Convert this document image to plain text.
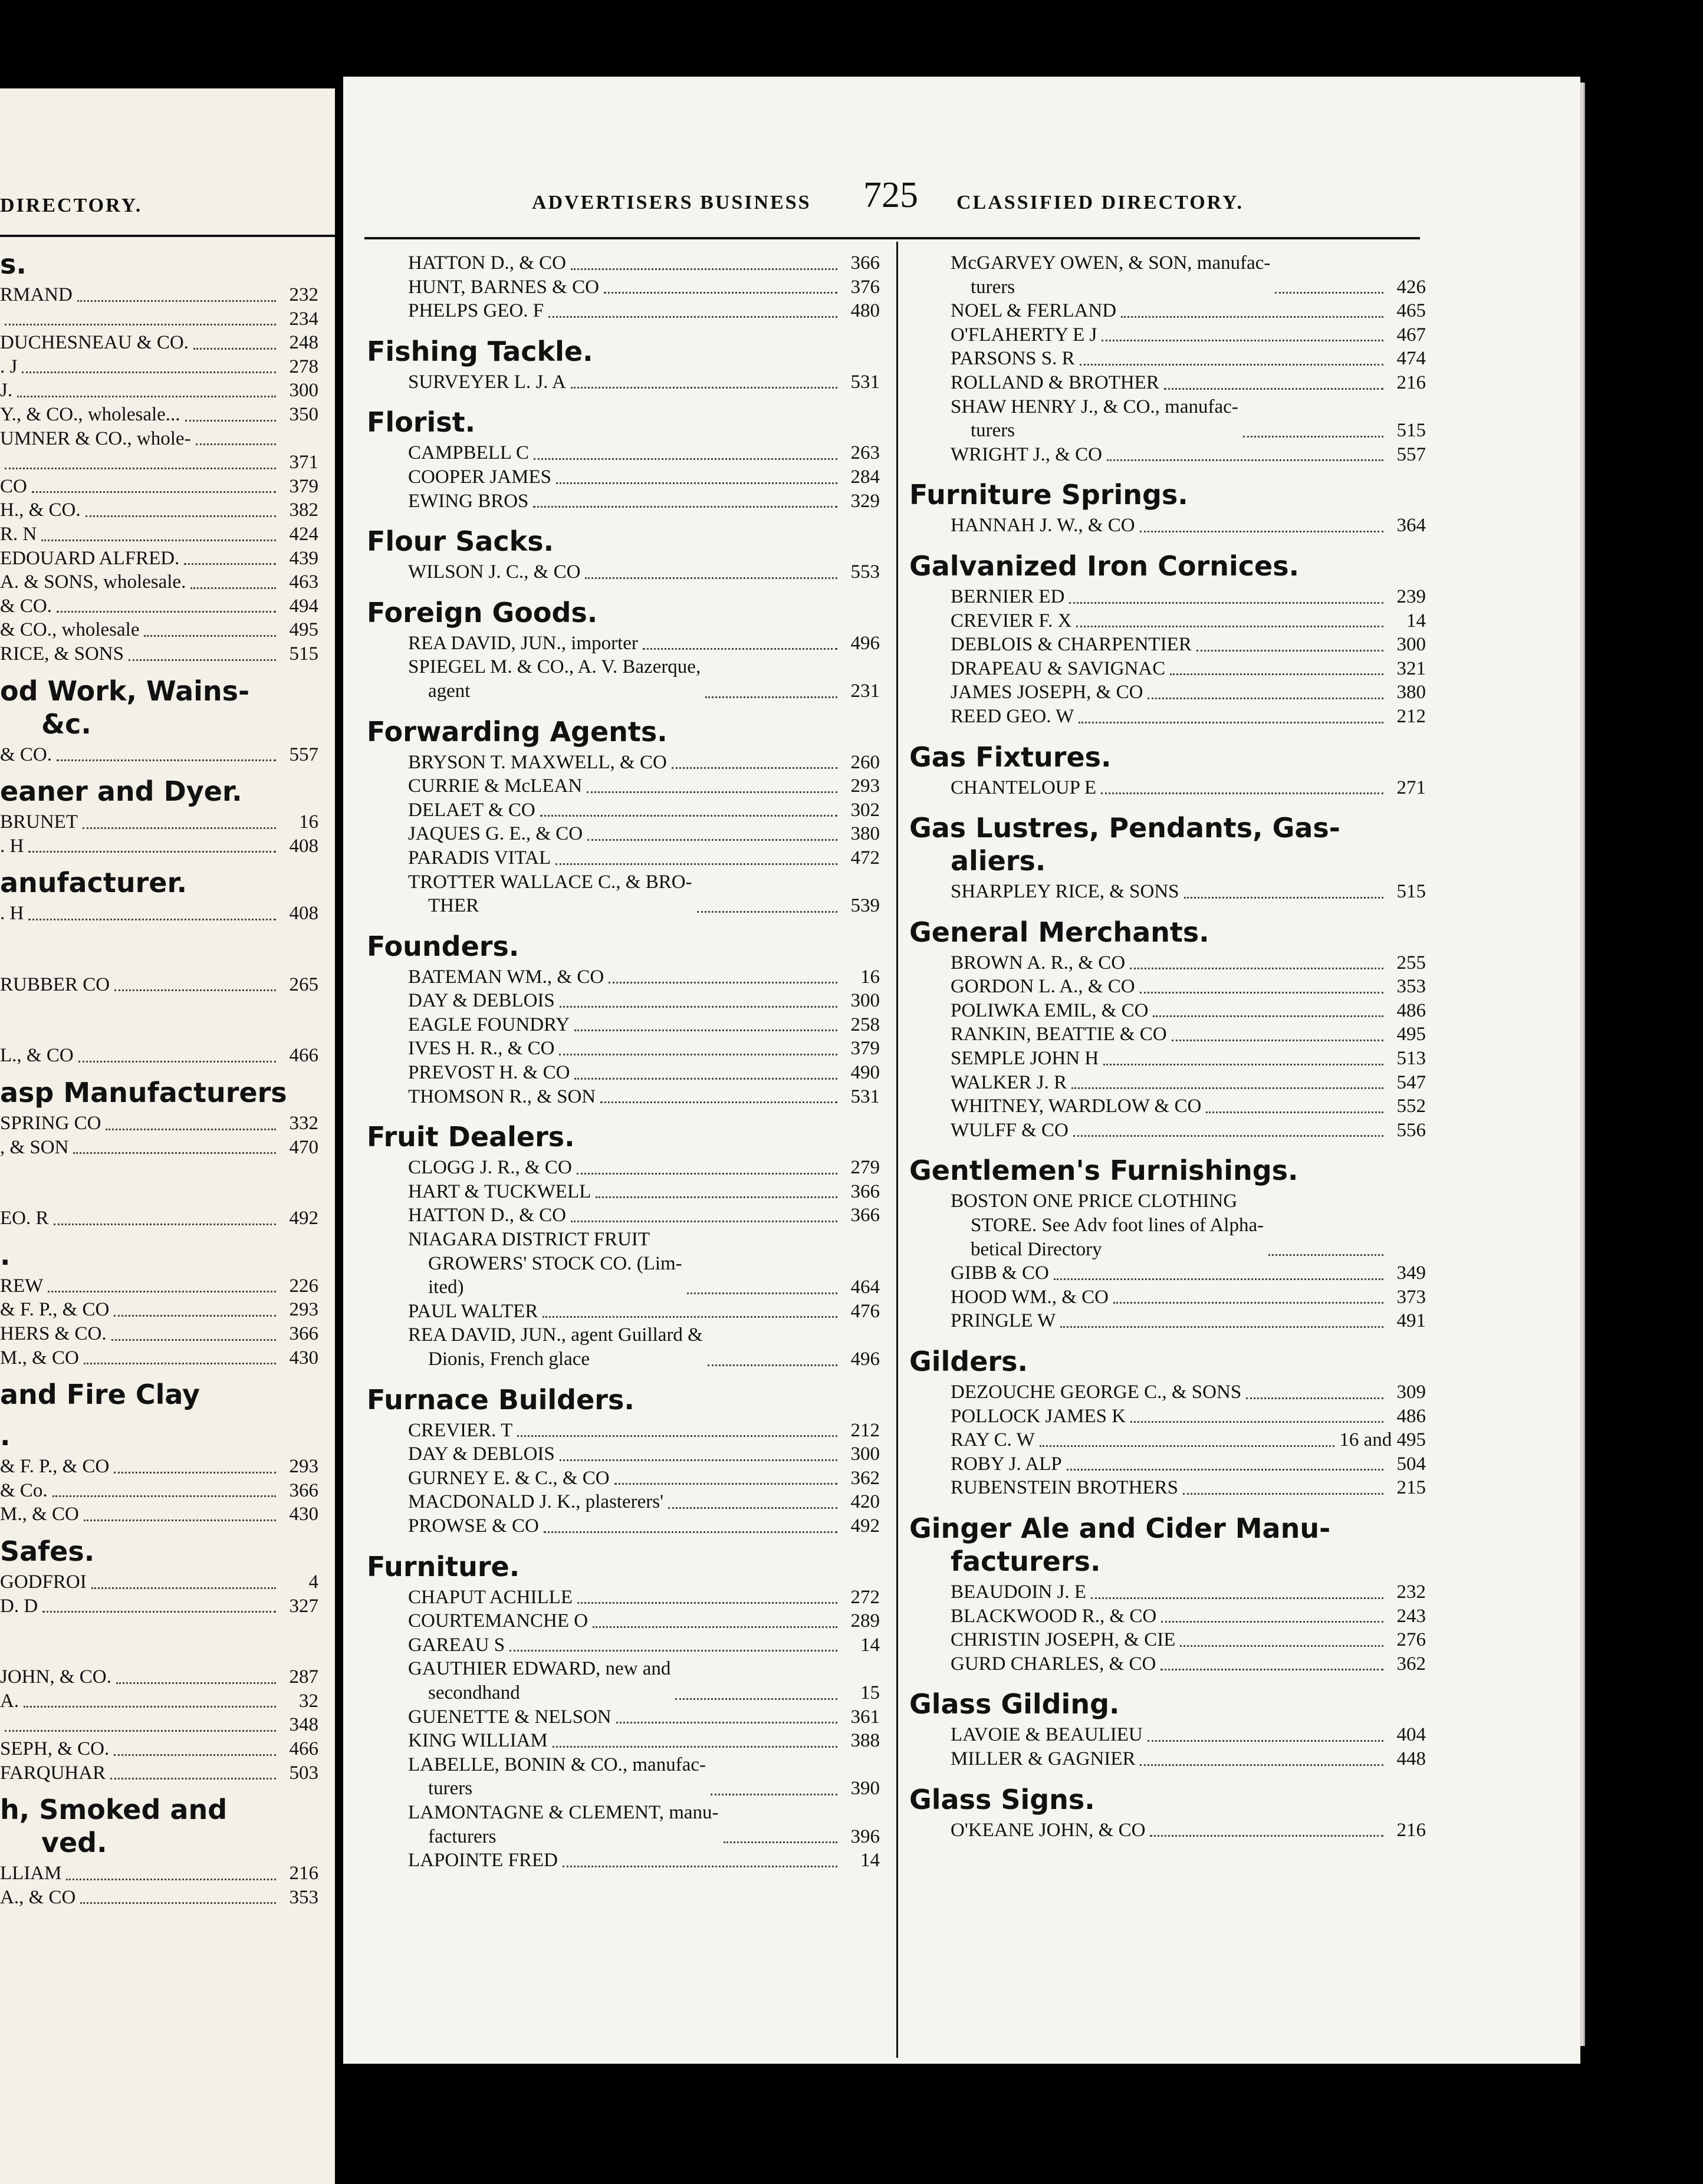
DIRECTORY.
s.
RMAND	232
234
DUCHESNEAU & CO.	248
. J	278
J.	300
Y., & CO., wholesale...	350
UMNER & CO., whole-
371
CO	379
H., & CO.	382
R. N	424
EDOUARD ALFRED.	439
A. & SONS, wholesale.	463
& CO.	494
& CO., wholesale	495
RICE, & SONS	515
od Work, Wains-
&c.
& CO.	557
eaner and Dyer.
BRUNET	16
. H	408
anufacturer.
. H	408
RUBBER CO	265
L., & CO	466
asp Manufacturers
SPRING CO	332
, & SON	470
EO. R	492
.
REW	226
& F. P., & CO	293
HERS & CO.	366
M., & CO	430
and Fire Clay
.
& F. P., & CO	293
& Co.	366
M., & CO	430
Safes.
GODFROI	4
D. D	327
JOHN, & CO.	287
A.	32
348
SEPH, & CO.	466
FARQUHAR	503
h, Smoked and
ved.
LLIAM	216
A., & CO	353
ADVERTISERS BUSINESS 725 CLASSIFIED DIRECTORY.
HATTON D., & CO	366
HUNT, BARNES & CO	376
PHELPS GEO. F	480
Fishing Tackle.
SURVEYER L. J. A	531
Florist.
CAMPBELL C	263
COOPER JAMES	284
EWING BROS	329
Flour Sacks.
WILSON J. C., & CO	553
Foreign Goods.
REA DAVID, JUN., importer	496
SPIEGEL M. & CO., A. V. Bazerque,
agent	231
Forwarding Agents.
BRYSON T. MAXWELL, & CO	260
CURRIE & McLEAN	293
DELAET & CO	302
JAQUES G. E., & CO	380
PARADIS VITAL	472
TROTTER WALLACE C., & BRO-
THER	539
Founders.
BATEMAN WM., & CO	16
DAY & DEBLOIS	300
EAGLE FOUNDRY	258
IVES H. R., & CO	379
PREVOST H. & CO	490
THOMSON R., & SON	531
Fruit Dealers.
CLOGG J. R., & CO	279
HART & TUCKWELL	366
HATTON D., & CO	366
NIAGARA DISTRICT FRUIT
GROWERS' STOCK CO. (Lim-
ited)	464
PAUL WALTER	476
REA DAVID, JUN., agent Guillard &
Dionis, French glace	496
Furnace Builders.
CREVIER. T	212
DAY & DEBLOIS	300
GURNEY E. & C., & CO	362
MACDONALD J. K., plasterers'	420
PROWSE & CO	492
Furniture.
CHAPUT ACHILLE	272
COURTEMANCHE O	289
GAREAU S	14
GAUTHIER EDWARD, new and
secondhand	15
GUENETTE & NELSON	361
KING WILLIAM	388
LABELLE, BONIN & CO., manufac-
turers	390
LAMONTAGNE & CLEMENT, manu-
facturers	396
LAPOINTE FRED	14
McGARVEY OWEN, & SON, manufac-
turers	426
NOEL & FERLAND	465
O'FLAHERTY E J	467
PARSONS S. R	474
ROLLAND & BROTHER	216
SHAW HENRY J., & CO., manufac-
turers	515
WRIGHT J., & CO	557
Furniture Springs.
HANNAH J. W., & CO	364
Galvanized Iron Cornices.
BERNIER ED	239
CREVIER F. X	14
DEBLOIS & CHARPENTIER	300
DRAPEAU & SAVIGNAC	321
JAMES JOSEPH, & CO	380
REED GEO. W	212
Gas Fixtures.
CHANTELOUP E	271
Gas Lustres, Pendants, Gas-
aliers.
SHARPLEY RICE, & SONS	515
General Merchants.
BROWN A. R., & CO	255
GORDON L. A., & CO	353
POLIWKA EMIL, & CO	486
RANKIN, BEATTIE & CO	495
SEMPLE JOHN H	513
WALKER J. R	547
WHITNEY, WARDLOW & CO	552
WULFF & CO	556
Gentlemen's Furnishings.
BOSTON ONE PRICE CLOTHING
STORE. See Adv foot lines of Alpha-
betical Directory
GIBB & CO	349
HOOD WM., & CO	373
PRINGLE W	491
Gilders.
DEZOUCHE GEORGE C., & SONS	309
POLLOCK JAMES K	486
RAY C. W	16 and 495
ROBY J. ALP	504
RUBENSTEIN BROTHERS	215
Ginger Ale and Cider Manu-
facturers.
BEAUDOIN J. E	232
BLACKWOOD R., & CO	243
CHRISTIN JOSEPH, & CIE	276
GURD CHARLES, & CO	362
Glass Gilding.
LAVOIE & BEAULIEU	404
MILLER & GAGNIER	448
Glass Signs.
O'KEANE JOHN, & CO	216
